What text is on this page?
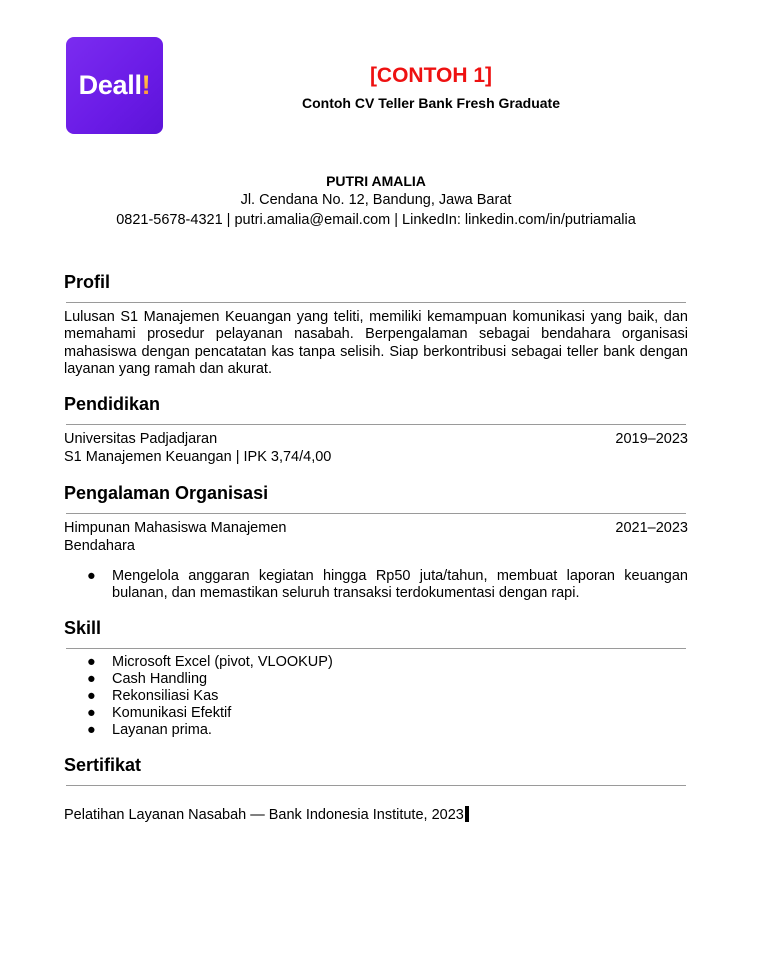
Deall!	[CONTOH 1]
Contoh CV Teller Bank Fresh Graduate
PUTRI AMALIA
Jl. Cendana No. 12, Bandung, Jawa Barat
0821-5678-4321 | putri.amalia@email.com | LinkedIn: linkedin.com/in/putriamalia
Profil

Lulusan S1 Manajemen Keuangan yang teliti, memiliki kemampuan komunikasi yang baik, dan memahami prosedur pelayanan nasabah. Berpengalaman sebagai bendahara organisasi mahasiswa dengan pencatatan kas tanpa selisih. Siap berkontribusi sebagai teller bank dengan layanan yang ramah dan akurat.

Pendidikan
Universitas Padjadjaran	2019–2023
S1 Manajemen Keuangan | IPK 3,74/4,00
Pengalaman Organisasi
Himpunan Mahasiswa Manajemen	2021–2023
Bendahara
● Mengelola anggaran kegiatan hingga Rp50 juta/tahun, membuat laporan keuangan bulanan, dan memastikan seluruh transaksi terdokumentasi dengan rapi.
Skill
● Microsoft Excel (pivot, VLOOKUP)
● Cash Handling
● Rekonsiliasi Kas
● Komunikasi Efektif
● Layanan prima.
Sertifikat
Pelatihan Layanan Nasabah — Bank Indonesia Institute, 2023
